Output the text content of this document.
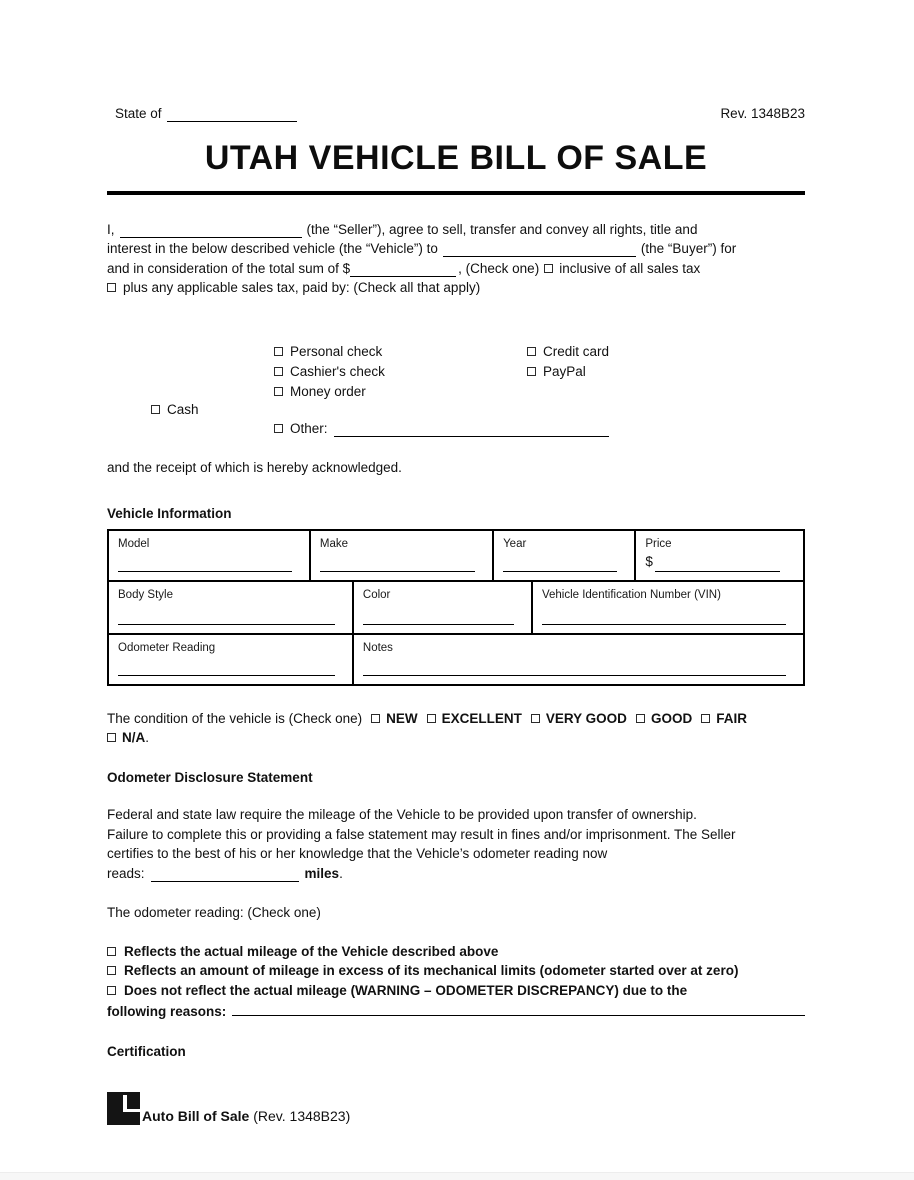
State of	Rev. 1348B23
UTAH VEHICLE BILL OF SALE
I,	(the “Seller”), agree to sell, transfer and convey all rights, title and
interest in the below described vehicle (the “Vehicle”) to	(the “Buyer”) for
and in consideration of the total sum of $	, (Check one) inclusive of all sales tax
plus any applicable sales tax, paid by: (Check all that apply)
Cash
Personal check
Cashier's check
Money order
Other:
Credit card
PayPal
and the receipt of which is hereby acknowledged.
Vehicle Information
Model	Make	Year	Price
$
Body Style	Color	Vehicle Identification Number (VIN)
Odometer Reading	Notes
The condition of the vehicle is (Check one) NEW EXCELLENT VERY GOOD GOOD FAIR
N/A.
Odometer Disclosure Statement
Federal and state law require the mileage of the Vehicle to be provided upon transfer of ownership.
Failure to complete this or providing a false statement may result in fines and/or imprisonment. The Seller
certifies to the best of his or her knowledge that the Vehicle’s odometer reading now
reads:	miles.
The odometer reading: (Check one)
Reflects the actual mileage of the Vehicle described above
Reflects an amount of mileage in excess of its mechanical limits (odometer started over at zero)
Does not reflect the actual mileage (WARNING – ODOMETER DISCREPANCY) due to the
following reasons:
Certification
Auto Bill of Sale (Rev. 1348B23)
